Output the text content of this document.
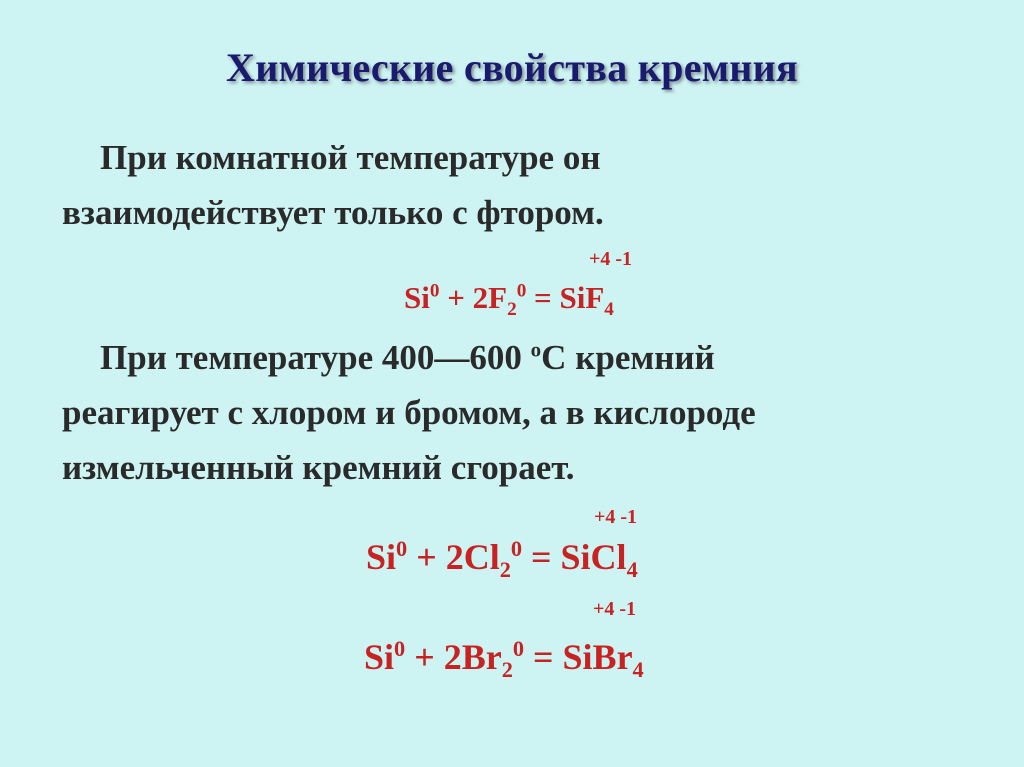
Химические свойства кремния
При комнатной температуре он
взаимодействует только с фтором.
+4 -1
$Si^0 + 2F_2^0 = SiF_4$
При температуре 400—600 $^o$С кремний
реагирует с хлором и бромом, а в кислороде
измельченный кремний сгорает.
+4 -1
$Si^0 + 2Cl_2^0$ = SiCl$_4$
+4 -1
$Si^0 + 2Br_2^0$ = SiBr$_4$
